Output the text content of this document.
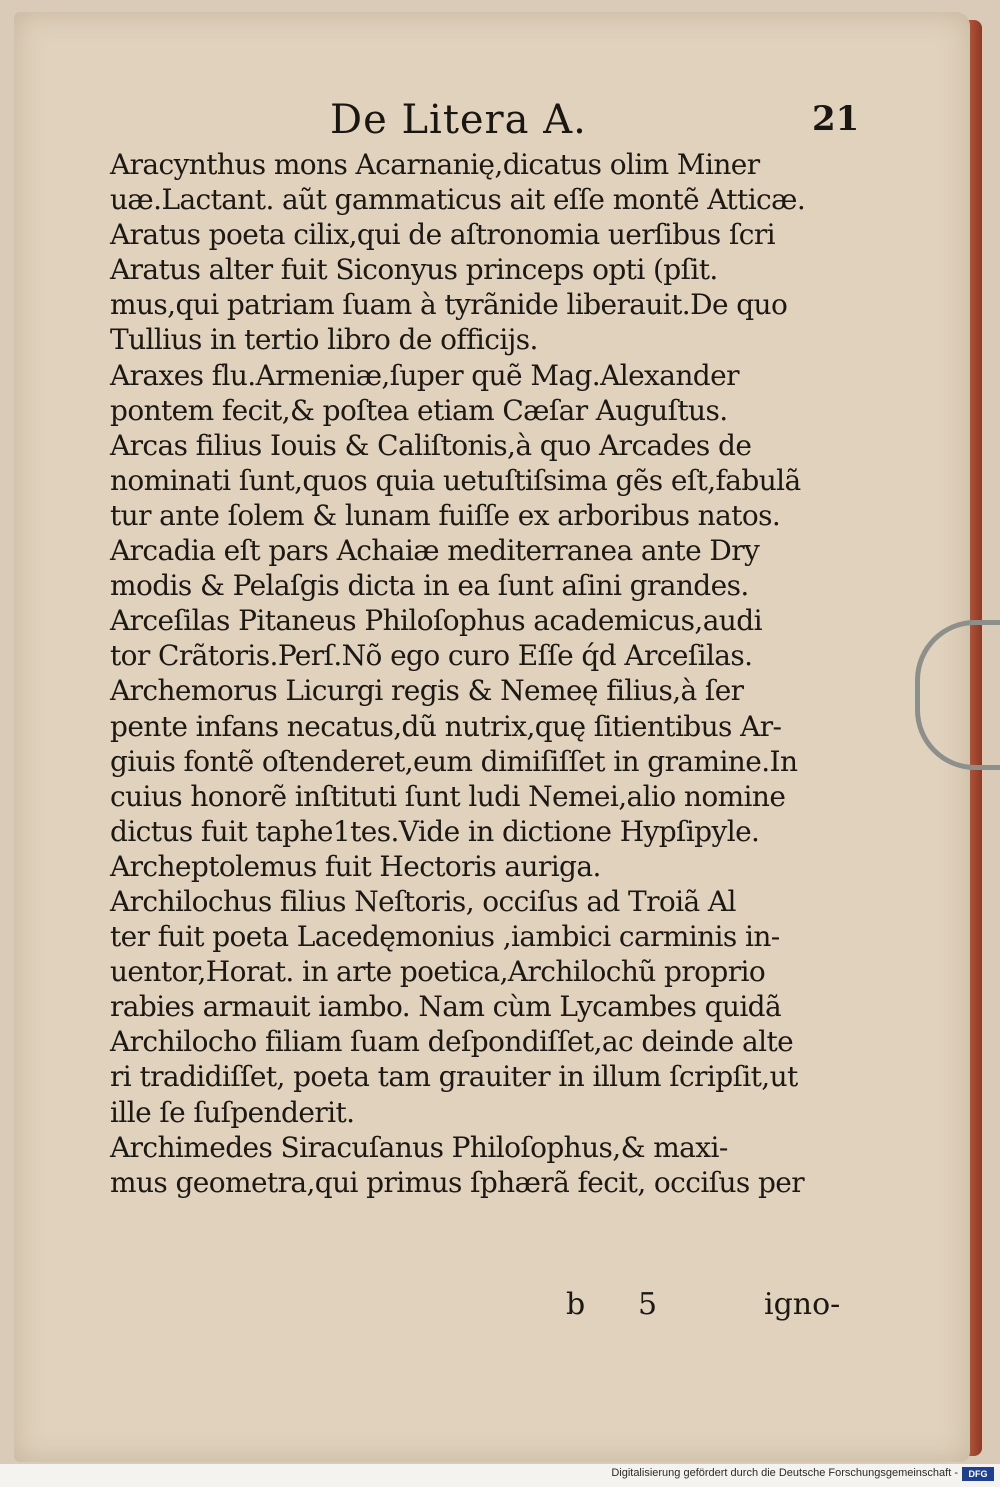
De Litera A.	21
Aracynthus mons Acarnanię,dicatus olim Miner
uæ.Lactant. aũt gammaticus ait eſſe montẽ Atticæ.
Aratus poeta cilix,qui de aſtronomia uerſibus ſcri
Aratus alter fuit Siconyus princeps opti (pſit.
mus,qui patriam ſuam à tyrãnide liberauit.De quo
Tullius in tertio libro de officijs.
Araxes flu.Armeniæ,ſuper quẽ Mag.Alexander
pontem fecit,& poſtea etiam Cæſar Auguſtus.
Arcas filius Iouis & Caliſtonis,à quo Arcades de
nominati ſunt,quos quia uetuſtiſsima gẽs eſt,fabulã
tur ante ſolem & lunam fuiſſe ex arboribus natos.
Arcadia eſt pars Achaiæ mediterranea ante Dry
modis & Pelaſgis dicta in ea ſunt aſini grandes.
Arceſilas Pitaneus Philoſophus academicus,audi
tor Crãtoris.Perſ.Nõ ego curo Eſſe q́d Arceſilas.
Archemorus Licurgi regis & Nemeę filius,à ſer
pente infans necatus,dũ nutrix,quę ſitientibus Ar-
giuis fontẽ oſtenderet,eum dimiſiſſet in gramine.In
cuius honorẽ inſtituti ſunt ludi Nemei,alio nomine
dictus fuit taphe1tes.Vide in dictione Hypſipyle.
Archeptolemus fuit Hectoris auriga.
Archilochus filius Neſtoris, occiſus ad Troiã Al
ter fuit poeta Lacedęmonius ,iambici carminis in-
uentor,Horat. in arte poetica,Archilochũ proprio
rabies armauit iambo. Nam cùm Lycambes quidã
Archilocho filiam ſuam deſpondiſſet,ac deinde alte
ri tradidiſſet, poeta tam grauiter in illum ſcripſit,ut
ille ſe ſuſpenderit.
Archimedes Siracuſanus Philoſophus,& maxi-
mus geometra,qui primus ſphærã fecit, occiſus per
b 5	igno-
Digitalisierung gefördert durch die Deutsche Forschungsgemeinschaft -	DFG
